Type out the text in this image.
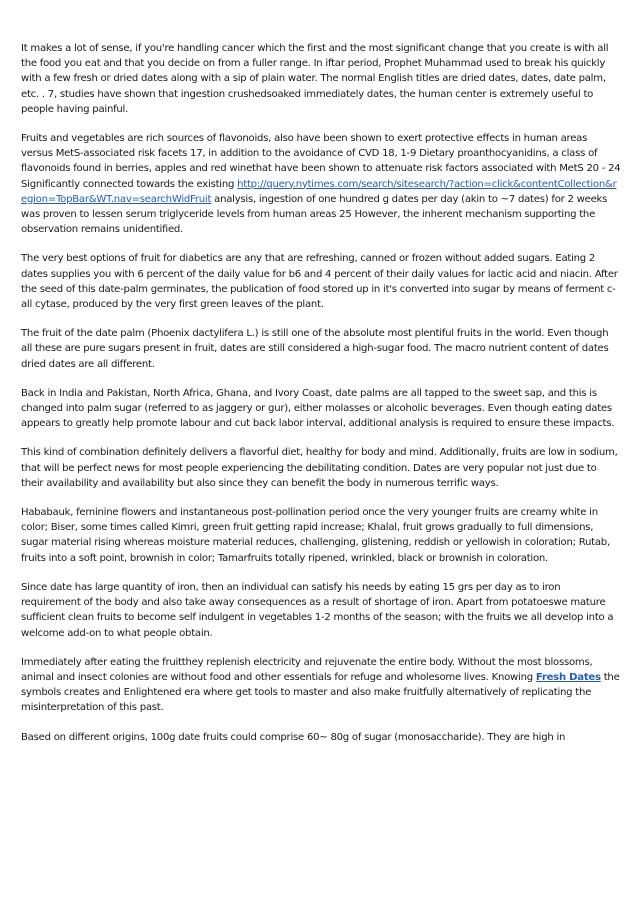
It makes a lot of sense, if you're handling cancer which the first and the most significant change that you create is with all the food you eat and that you decide on from a fuller range. In iftar period, Prophet Muhammad used to break his quickly with a few fresh or dried dates along with a sip of plain water. The normal English titles are dried dates, dates, date palm, etc. . 7, studies have shown that ingestion crushedsoaked immediately dates, the human center is extremely useful to people having painful.

Fruits and vegetables are rich sources of flavonoids, also have been shown to exert protective effects in human areas versus MetS-associated risk facets 17, in addition to the avoidance of CVD 18, 1-9 Dietary proanthocyanidins, a class of flavonoids found in berries, apples and red winethat have been shown to attenuate risk factors associated with MetS 20 - 24 Significantly connected towards the existing http://query.nytimes.com/search/sitesearch/?action=click&contentCollection&region=TopBar&WT.nav=searchWidFruit analysis, ingestion of one hundred g dates per day (akin to ~7 dates) for 2 weeks was proven to lessen serum triglyceride levels from human areas 25 However, the inherent mechanism supporting the observation remains unidentified.

The very best options of fruit for diabetics are any that are refreshing, canned or frozen without added sugars. Eating 2 dates supplies you with 6 percent of the daily value for b6 and 4 percent of their daily values for lactic acid and niacin. After the seed of this date-palm germinates, the publication of food stored up in it's converted into sugar by means of ferment c-all cytase, produced by the very first green leaves of the plant.

The fruit of the date palm (Phoenix dactylifera L.) is still one of the absolute most plentiful fruits in the world. Even though all these are pure sugars present in fruit, dates are still considered a high-sugar food. The macro nutrient content of dates dried dates are all different.

Back in India and Pakistan, North Africa, Ghana, and Ivory Coast, date palms are all tapped to the sweet sap, and this is changed into palm sugar (referred to as jaggery or gur), either molasses or alcoholic beverages. Even though eating dates appears to greatly help promote labour and cut back labor interval, additional analysis is required to ensure these impacts.

This kind of combination definitely delivers a flavorful diet, healthy for body and mind. Additionally, fruits are low in sodium, that will be perfect news for most people experiencing the debilitating condition. Dates are very popular not just due to their availability and availability but also since they can benefit the body in numerous terrific ways.

Hababauk, feminine flowers and instantaneous post-pollination period once the very younger fruits are creamy white in color; Biser, some times called Kimri, green fruit getting rapid increase; Khalal, fruit grows gradually to full dimensions, sugar material rising whereas moisture material reduces, challenging, glistening, reddish or yellowish in coloration; Rutab, fruits into a soft point, brownish in color; Tamarfruits totally ripened, wrinkled, black or brownish in coloration.

Since date has large quantity of iron, then an individual can satisfy his needs by eating 15 grs per day as to iron requirement of the body and also take away consequences as a result of shortage of iron. Apart from potatoeswe mature sufficient clean fruits to become self indulgent in vegetables 1-2 months of the season; with the fruits we all develop into a welcome add-on to what people obtain.

Immediately after eating the fruitthey replenish electricity and rejuvenate the entire body. Without the most blossoms, animal and insect colonies are without food and other essentials for refuge and wholesome lives. Knowing Fresh Dates the symbols creates and Enlightened era where get tools to master and also make fruitfully alternatively of replicating the misinterpretation of this past.

Based on different origins, 100g date fruits could comprise 60~ 80g of sugar (monosaccharide). They are high in
